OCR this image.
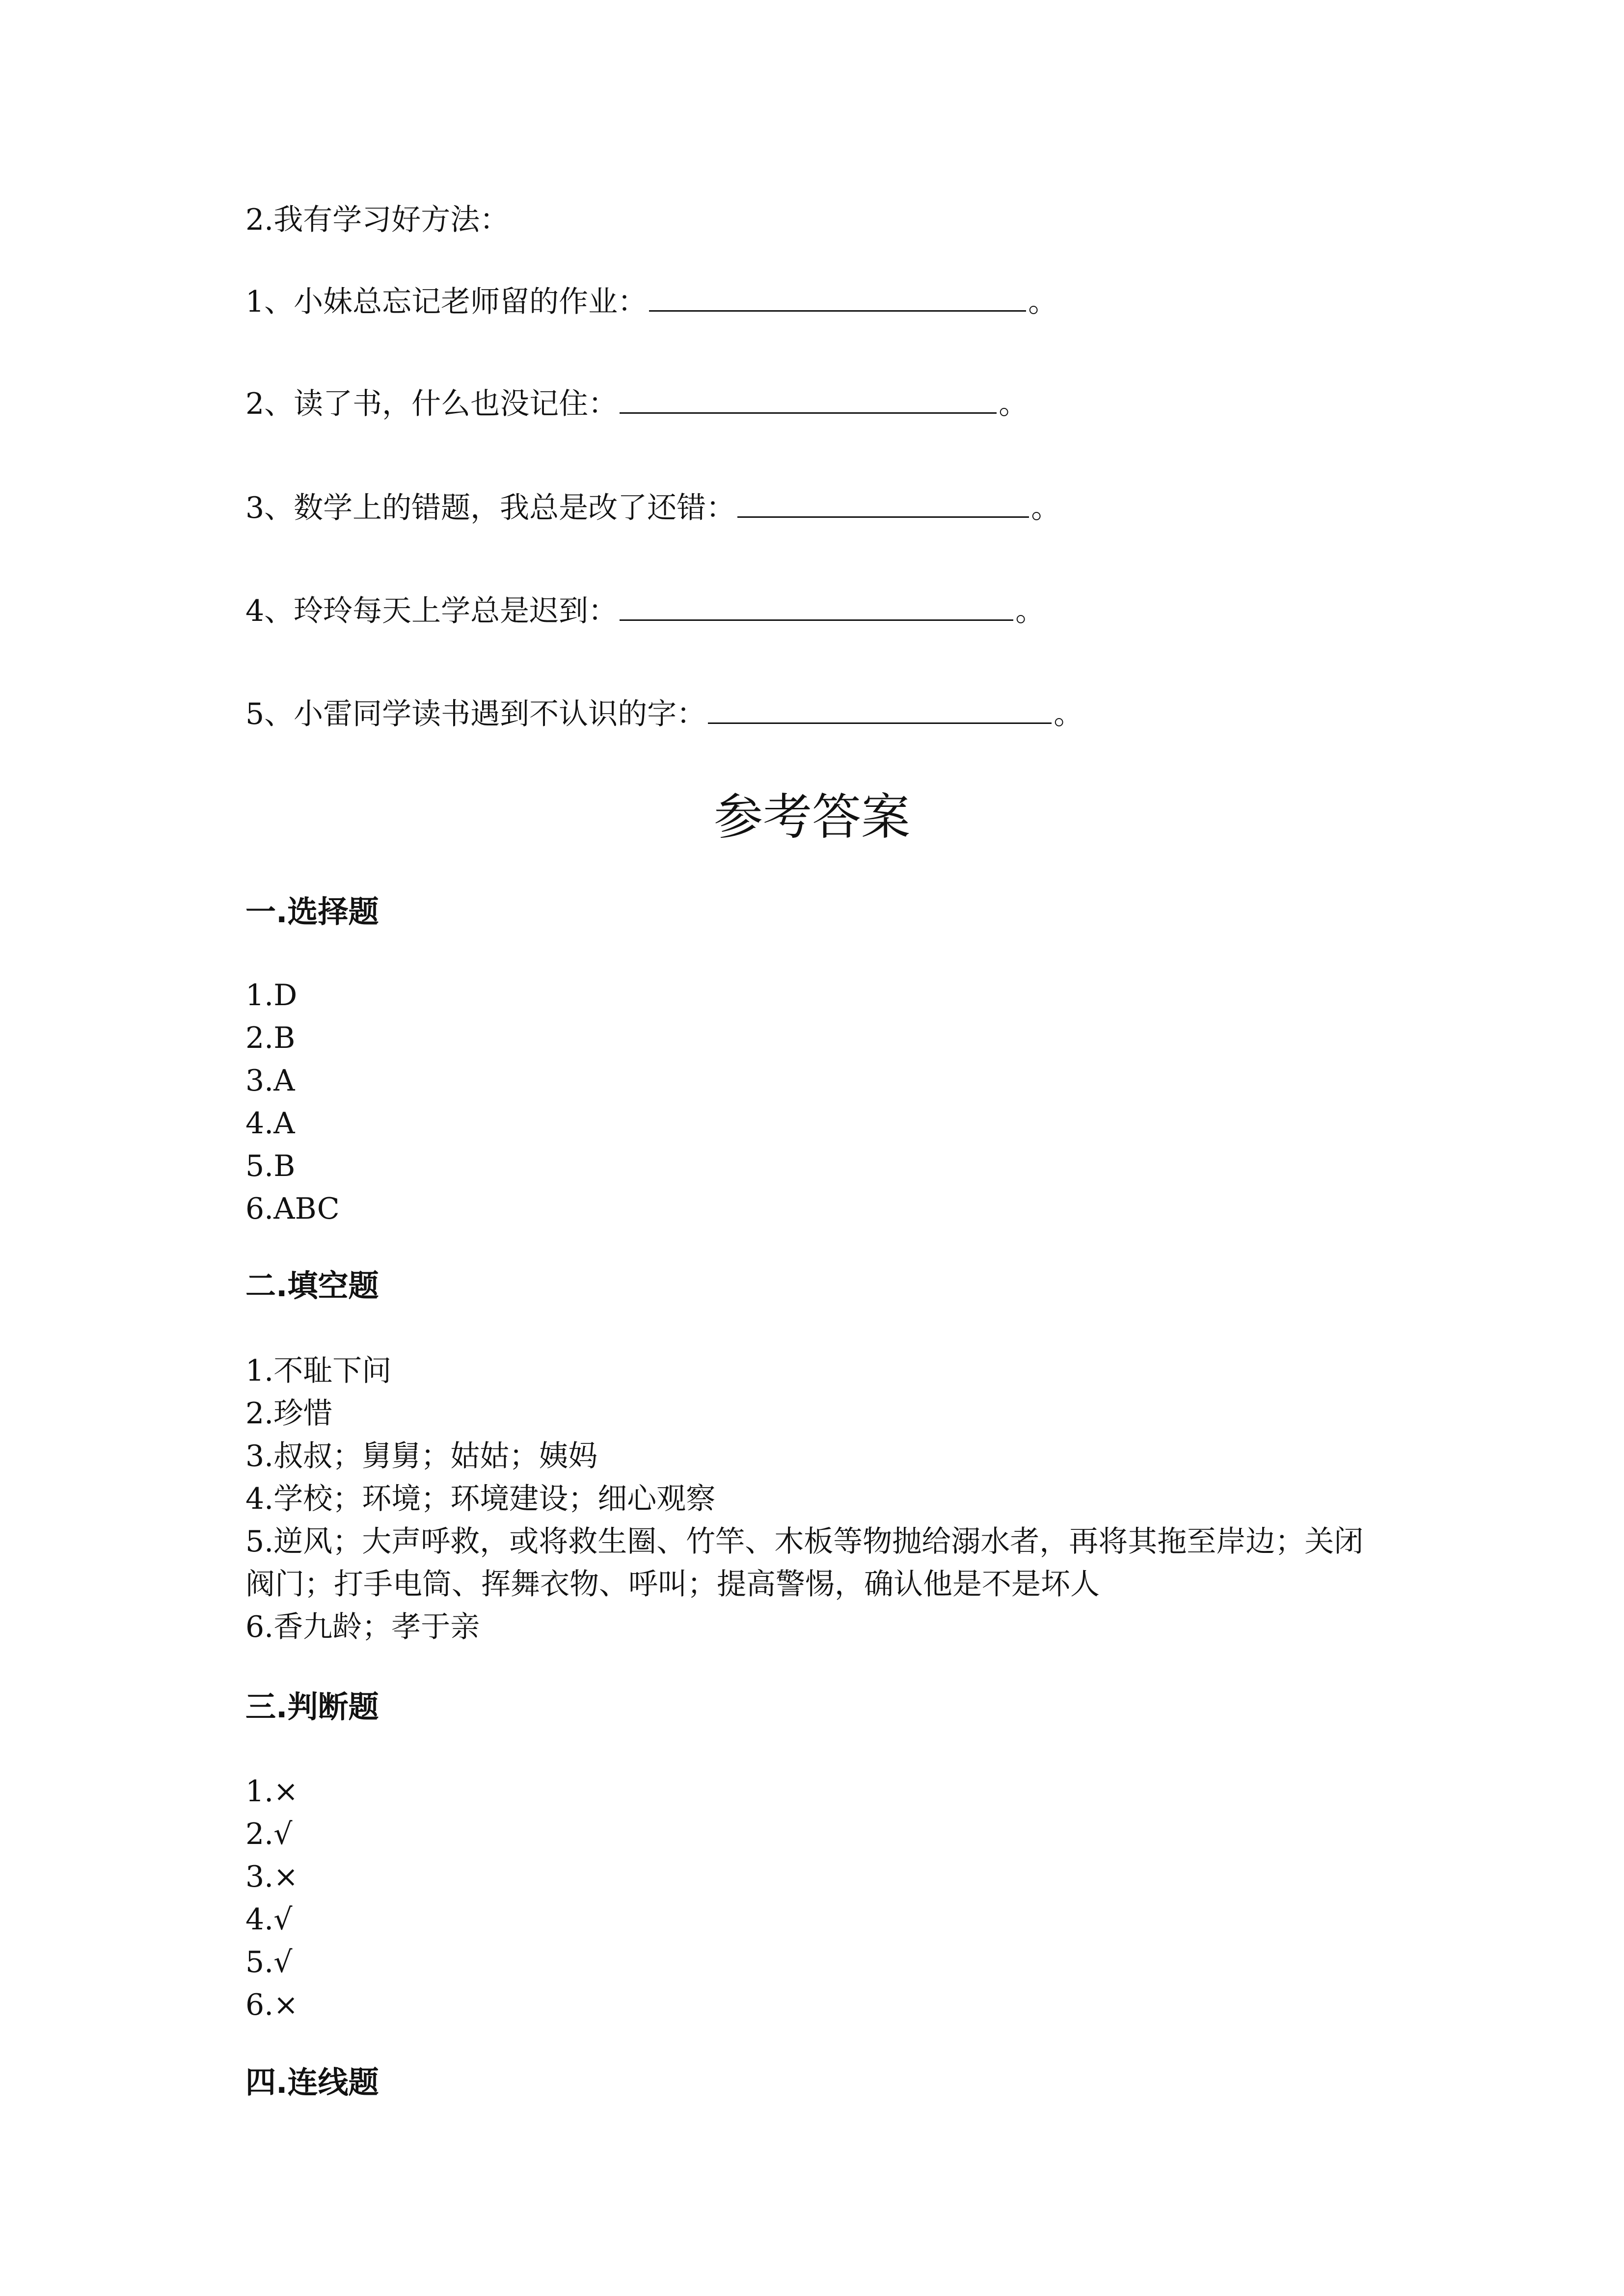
2.我有学习好方法：
1、小妹总忘记老师留的作业：	。
2、读了书，什么也没记住：	。
3、数学上的错题，我总是改了还错：	。
4、玲玲每天上学总是迟到：	。
5、小雷同学读书遇到不认识的字：	。
参考答案
一.选择题
1.D
2.B
3.A
4.A
5.B
6.ABC
二.填空题
1.不耻下问
2.珍惜
3.叔叔；舅舅；姑姑；姨妈
4.学校；环境；环境建设；细心观察
5.逆风；大声呼救，或将救生圈、竹竿、木板等物抛给溺水者，再将其拖至岸边；关闭阀门；打手电筒、挥舞衣物、呼叫；提高警惕，确认他是不是坏人
6.香九龄；孝于亲
三.判断题
1.×
2.√
3.×
4.√
5.√
6.×
四.连线题
